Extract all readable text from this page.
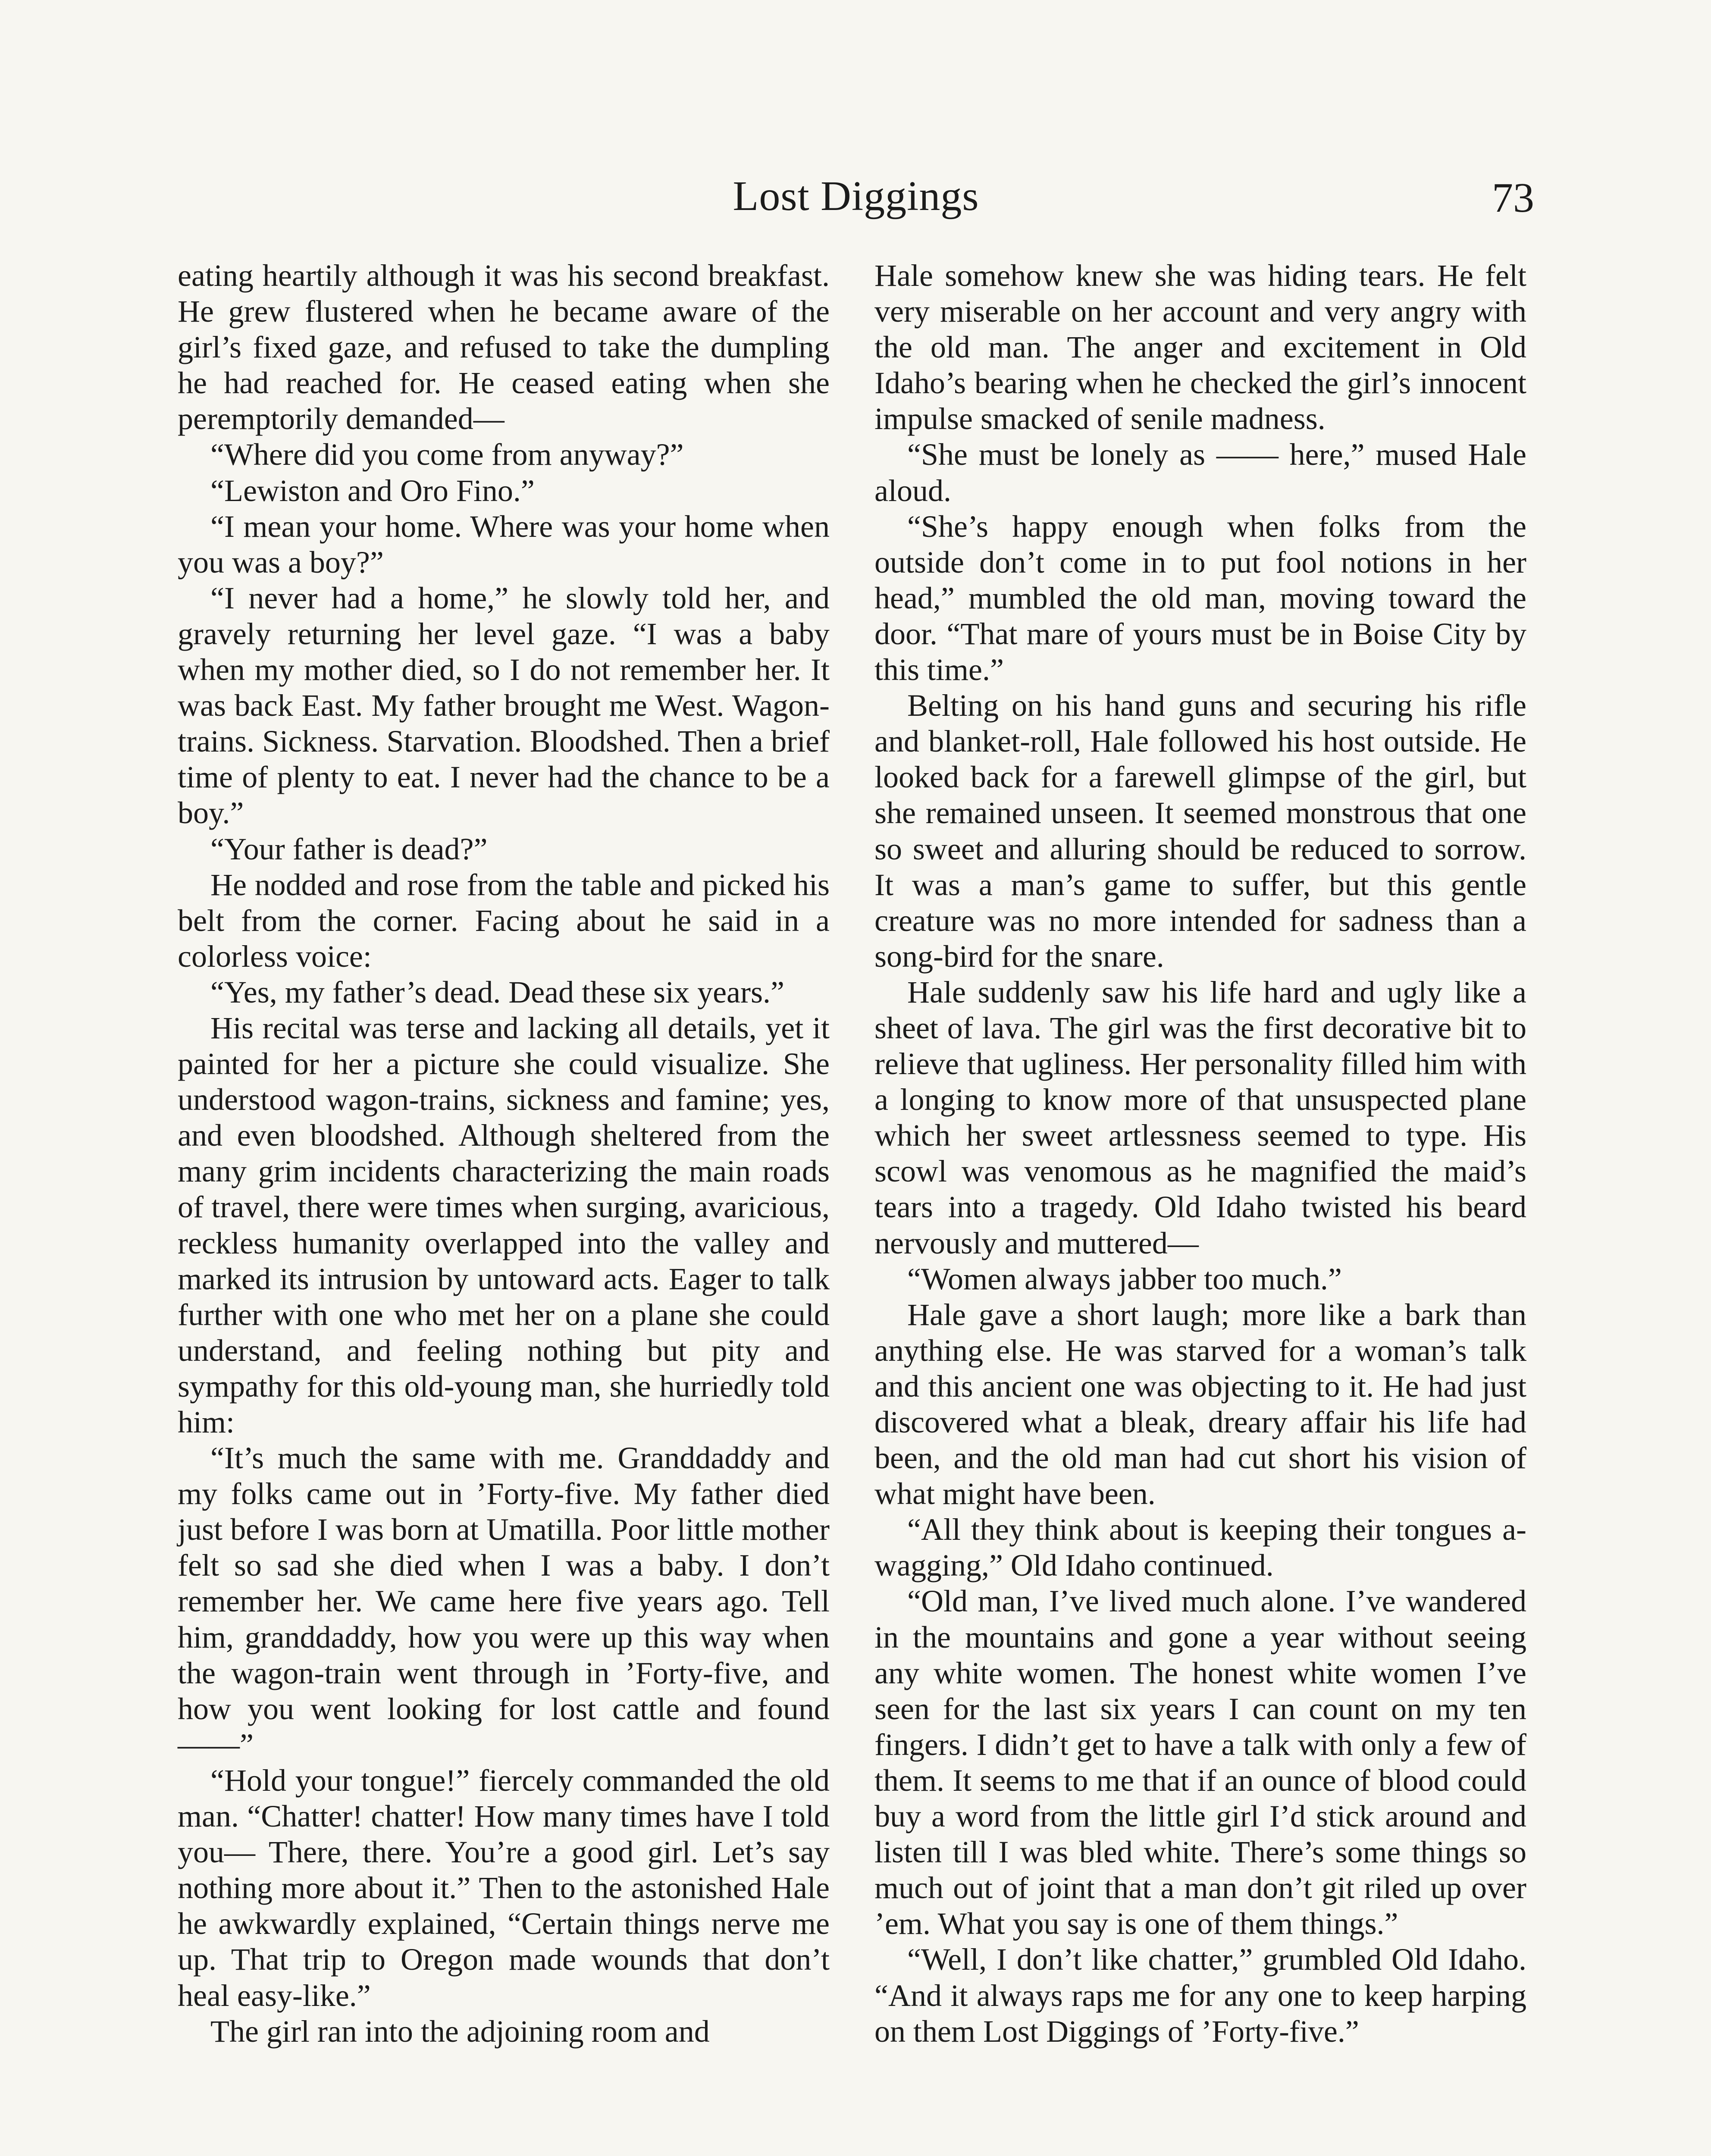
Lost Diggings	73

eating heartily although it was his second breakfast. He grew flustered when he became aware of the girl’s fixed gaze, and refused to take the dumpling he had reached for. He ceased eating when she peremptorily demanded—

“Where did you come from anyway?”

“Lewiston and Oro Fino.”

“I mean your home. Where was your home when you was a boy?”

“I never had a home,” he slowly told her, and gravely returning her level gaze. “I was a baby when my mother died, so I do not remember her. It was back East. My father brought me West. Wagon-trains. Sickness. Starvation. Bloodshed. Then a brief time of plenty to eat. I never had the chance to be a boy.”

“Your father is dead?”

He nodded and rose from the table and picked his belt from the corner. Facing about he said in a colorless voice:

“Yes, my father’s dead. Dead these six years.”

His recital was terse and lacking all details, yet it painted for her a picture she could visualize. She understood wagon-trains, sickness and famine; yes, and even bloodshed. Although sheltered from the many grim incidents characterizing the main roads of travel, there were times when surging, avaricious, reckless humanity overlapped into the valley and marked its intrusion by untoward acts. Eager to talk further with one who met her on a plane she could understand, and feeling nothing but pity and sympathy for this old-young man, she hurriedly told him:

“It’s much the same with me. Granddaddy and my folks came out in ’Forty-five. My father died just before I was born at Umatilla. Poor little mother felt so sad she died when I was a baby. I don’t remember her. We came here five years ago. Tell him, granddaddy, how you were up this way when the wagon-train went through in ’Forty-five, and how you went looking for lost cattle and found——”

“Hold your tongue!” fiercely commanded the old man. “Chatter! chatter! How many times have I told you— There, there. You’re a good girl. Let’s say nothing more about it.” Then to the astonished Hale he awkwardly explained, “Certain things nerve me up. That trip to Oregon made wounds that don’t heal easy-like.”

The girl ran into the adjoining room and

Hale somehow knew she was hiding tears. He felt very miserable on her account and very angry with the old man. The anger and excitement in Old Idaho’s bearing when he checked the girl’s innocent impulse smacked of senile madness.

“She must be lonely as —— here,” mused Hale aloud.

“She’s happy enough when folks from the outside don’t come in to put fool notions in her head,” mumbled the old man, moving toward the door. “That mare of yours must be in Boise City by this time.”

Belting on his hand guns and securing his rifle and blanket-roll, Hale followed his host outside. He looked back for a farewell glimpse of the girl, but she remained unseen. It seemed monstrous that one so sweet and alluring should be reduced to sorrow. It was a man’s game to suffer, but this gentle creature was no more intended for sadness than a song-bird for the snare.

Hale suddenly saw his life hard and ugly like a sheet of lava. The girl was the first decorative bit to relieve that ugliness. Her personality filled him with a longing to know more of that unsuspected plane which her sweet artlessness seemed to type. His scowl was venomous as he magnified the maid’s tears into a tragedy. Old Idaho twisted his beard nervously and muttered—

“Women always jabber too much.”

Hale gave a short laugh; more like a bark than anything else. He was starved for a woman’s talk and this ancient one was objecting to it. He had just discovered what a bleak, dreary affair his life had been, and the old man had cut short his vision of what might have been.

“All they think about is keeping their tongues a-wagging,” Old Idaho continued.

“Old man, I’ve lived much alone. I’ve wandered in the mountains and gone a year without seeing any white women. The honest white women I’ve seen for the last six years I can count on my ten fingers. I didn’t get to have a talk with only a few of them. It seems to me that if an ounce of blood could buy a word from the little girl I’d stick around and listen till I was bled white. There’s some things so much out of joint that a man don’t git riled up over ’em. What you say is one of them things.”

“Well, I don’t like chatter,” grumbled Old Idaho. “And it always raps me for any one to keep harping on them Lost Diggings of ’Forty-five.”
